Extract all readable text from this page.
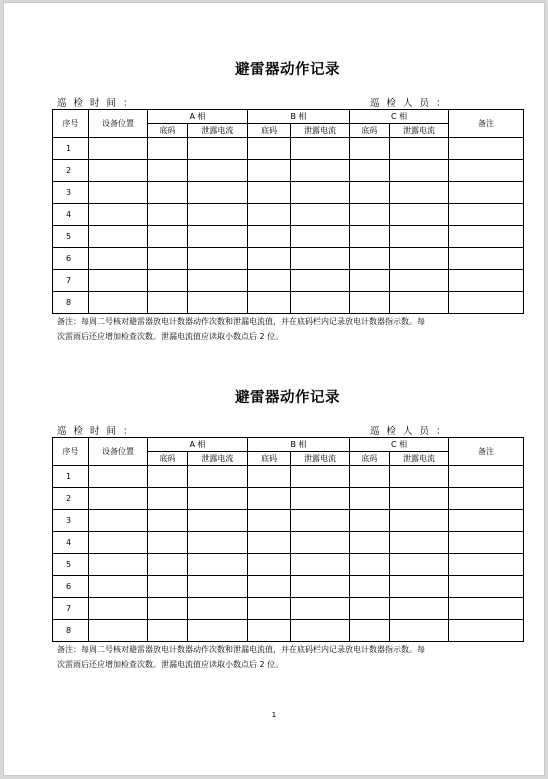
避雷器动作记录
巡 检 时 间 ：	巡 检 人 员 ：
序号	设备位置	A 相		B 相		C 相		备注
		底码	泄露电流	底码	泄露电流	底码	泄露电流	
1								
2								
3								
4								
5								
6								
7								
8								
备注：每周二号核对避雷器放电计数器动作次数和泄漏电流值，并在底码栏内记录放电计数器指示数。每
次雷雨后还应增加检查次数。泄漏电流值应读取小数点后 2 位。
避雷器动作记录
巡 检 时 间 ：	巡 检 人 员 ：
序号	设备位置	A 相		B 相		C 相		备注
		底码	泄露电流	底码	泄露电流	底码	泄露电流	
1								
2								
3								
4								
5								
6								
7								
8								
备注：每周二号核对避雷器放电计数器动作次数和泄漏电流值，并在底码栏内记录放电计数器指示数。每
次雷雨后还应增加检查次数。泄漏电流值应读取小数点后 2 位。
1
